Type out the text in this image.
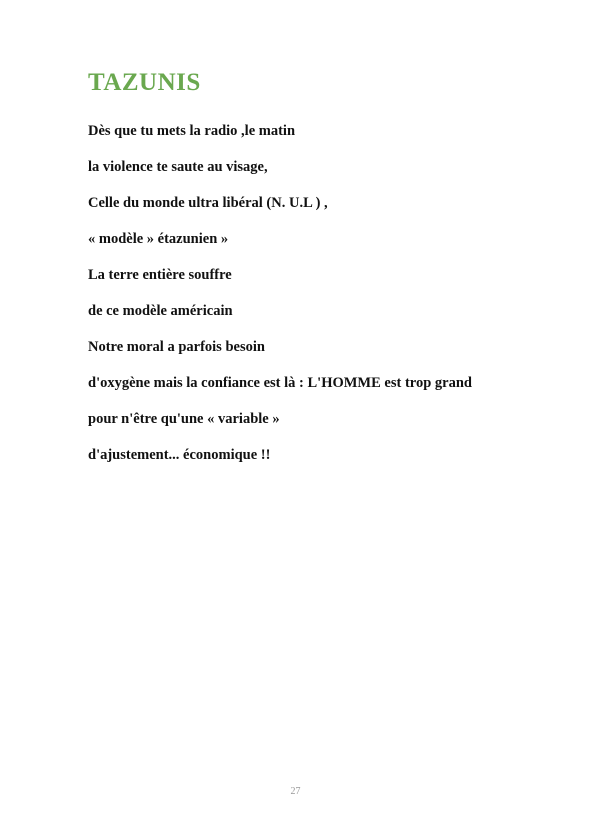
TAZUNIS
Dès que tu mets la radio ,le matin
la violence te saute au visage,
Celle du monde ultra libéral (N. U.L ) ,
« modèle » étazunien »
La terre entière souffre
de ce modèle américain
Notre moral a parfois besoin
d'oxygène mais la confiance est là : L'HOMME est trop grand
pour n'être qu'une « variable »
d'ajustement... économique !!
27
